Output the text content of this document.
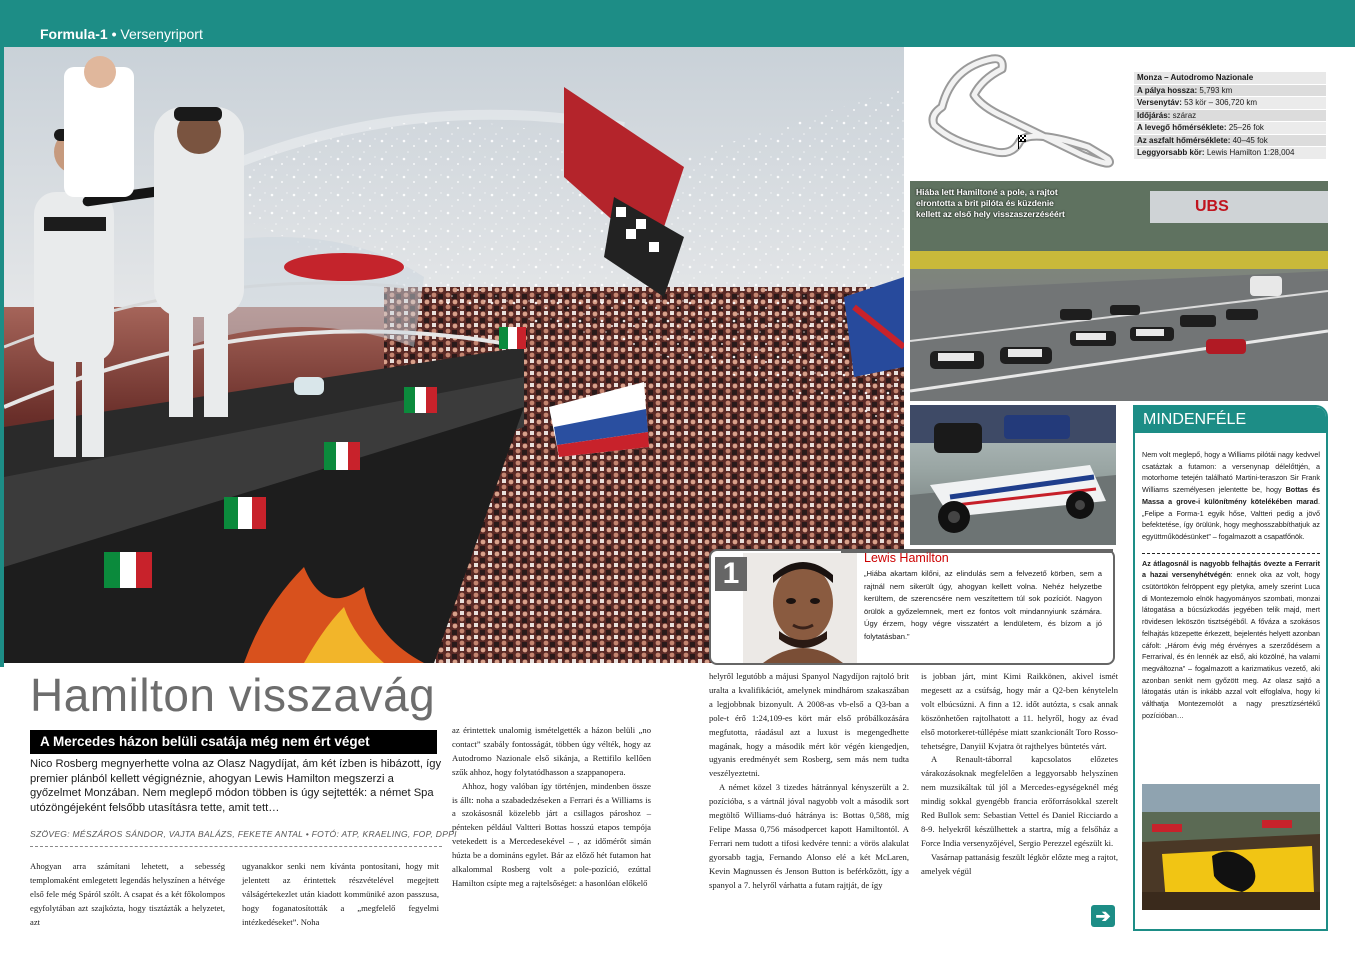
Formula-1 • Versenyriport
Monza – Autodromo Nazionale
A pálya hossza: 5,793 km
Versenytáv: 53 kör – 306,720 km
Időjárás: száraz
A levegő hőmérséklete: 25–26 fok
Az aszfalt hőmérséklete: 40–45 fok
Leggyorsabb kör: Lewis Hamilton 1:28,004
UBS
Hiába lett Hamiltoné a pole, a rajtot elrontotta a brit pilóta és küzdenie kellett az első hely visszaszerzéséért
MINDENFÉLE

Nem volt meglepő, hogy a Williams pilótái nagy kedvvel csatáztak a futamon: a versenynap délelőttjén, a motorhome tetején található Martini-teraszon Sir Frank Williams személyesen jelentette be, hogy Bottas és Massa a grove-i különítmény kötelékében marad. „Felipe a Forma-1 egyik hőse, Valtteri pedig a jövő befektetése, így örülünk, hogy meghosszabbíthatjuk az együttműködésünket” – fogalmazott a csapatfőnök.

Az átlagosnál is nagyobb felhajtás övezte a Ferrarit a hazai versenyhétvégén: ennek oka az volt, hogy csütörtökön felröppent egy pletyka, amely szerint Luca di Montezemolo elnök hagyományos szombati, monzai látogatása a búcsúzkodás jegyében telik majd, mert rövidesen leköszön tisztségéből. A főváza a szokásos felhajtás közepette érkezett, bejelentés helyett azonban cáfolt: „Három évig még érvényes a szerződésem a Ferrarival, és én lennék az első, aki közölné, ha valami megváltozna” – fogalmazott a karizmatikus vezető, aki azonban senkit nem győzött meg. Az olasz sajtó a látogatás után is inkább azzal volt elfoglalva, hogy ki válthatja Montezemolót a nagy presztízsértékű pozícióban…

1	Lewis Hamilton
„Hiába akartam kilőni, az elindulás sem a felvezető körben, sem a rajtnál nem sikerült úgy, ahogyan kellett volna. Nehéz helyzetbe kerültem, de szerencsére nem veszítettem túl sok pozíciót. Nagyon örülök a győzelemnek, mert ez fontos volt mindannyiunk számára. Úgy érzem, hogy végre visszatért a lendületem, és bízom a jó folytatásban.”
Hamilton visszavág
A Mercedes házon belüli csatája még nem ért véget
Nico Rosberg megnyerhette volna az Olasz Nagydíjat, ám két ízben is hibázott, így premier plánból kellett végignéznie, ahogyan Lewis Hamilton megszerzi a győzelmet Monzában. Nem meglepő módon többen is úgy sejtették: a német Spa utózöngéjeként felsőbb utasításra tette, amit tett…
SZÖVEG: MÉSZÁROS SÁNDOR, VAJTA BALÁZS, FEKETE ANTAL • FOTÓ: ATP, KRAELING, FOP, DPPI

Ahogyan arra számítani lehetett, a sebesség templomaként emlegetett legendás helyszínen a hétvége első fele még Spáról szólt. A csapat és a két főkolompos egyfolytában azt szajkózta, hogy tisztázták a helyzetet, azt

ugyanakkor senki nem kívánta pontosítani, hogy mit jelentett az érintettek részvételével megejtett válságértekezlet után kiadott kommüniké azon passzusa, hogy foganatosították a „megfelelő fegyelmi intézkedéseket”. Noha

az érintettek unalomig ismételgették a házon belüli „no contact” szabály fontosságát, többen úgy vélték, hogy az Autodromo Nazionale első sikánja, a Rettifilo kellően szűk ahhoz, hogy folytatódhasson a szappanopera.

Ahhoz, hogy valóban így történjen, mindenben össze is állt: noha a szabadedzéseken a Ferrari és a Williams is a szokásosnál közelebb járt a csillagos pároshoz – pénteken például Valtteri Bottas hosszú etapos tempója vetekedett is a Mercedesekével – , az időmérőt simán húzta be a domináns egylet. Bár az előző hét futamon hat alkalommal Rosberg volt a pole-pozíció, ezúttal Hamilton csípte meg a rajtelsőséget: a hasonlóan előkelő

helyről legutóbb a májusi Spanyol Nagydíjon rajtoló brit uralta a kvalifikációt, amelynek mindhárom szakaszában a legjobbnak bizonyult. A 2008-as vb-első a Q3-ban a pole-t érő 1:24,109-es kört már első próbálkozására megfutotta, ráadásul azt a luxust is megengedhette magának, hogy a második mért kör végén kiengedjen, ugyanis eredményét sem Rosberg, sem más nem tudta veszélyeztetni.

A német közel 3 tizedes hátránnyal kényszerült a 2. pozícióba, s a vártnál jóval nagyobb volt a második sort megtöltő Williams-duó hátránya is: Bottas 0,588, míg Felipe Massa 0,756 másodpercet kapott Hamiltontól. A Ferrari nem tudott a tifosi kedvére tenni: a vörös alakulat gyorsabb tagja, Fernando Alonso elé a két McLaren, Kevin Magnussen és Jenson Button is beférkőzött, így a spanyol a 7. helyről várhatta a futam rajtját, de így

is jobban járt, mint Kimi Raikkönen, akivel ismét megesett az a csúfság, hogy már a Q2-ben kényteleln volt elbúcsúzni. A finn a 12. időt autózta, s csak annak köszönhetően rajtolhatott a 11. helyről, hogy az évad első motorkeret-túllépése miatt szankcionált Toro Rosso-tehetségre, Danyiil Kvjatra öt rajthelyes büntetés várt.

A Renault-táborral kapcsolatos előzetes várakozásoknak megfelelően a leggyorsabb helyszínen nem muzsikáltak túl jól a Mercedes-egységeknél még mindig sokkal gyengébb francia erőforrásokkal szerelt Red Bullok sem: Sebastian Vettel és Daniel Ricciardo a 8-9. helyekről készülhettek a startra, míg a felsőház a Force India versenyzőjével, Sergio Perezzel egészült ki.

Vasárnap pattanásig feszült légkör előzte meg a rajtot, amelyek végül

➔
